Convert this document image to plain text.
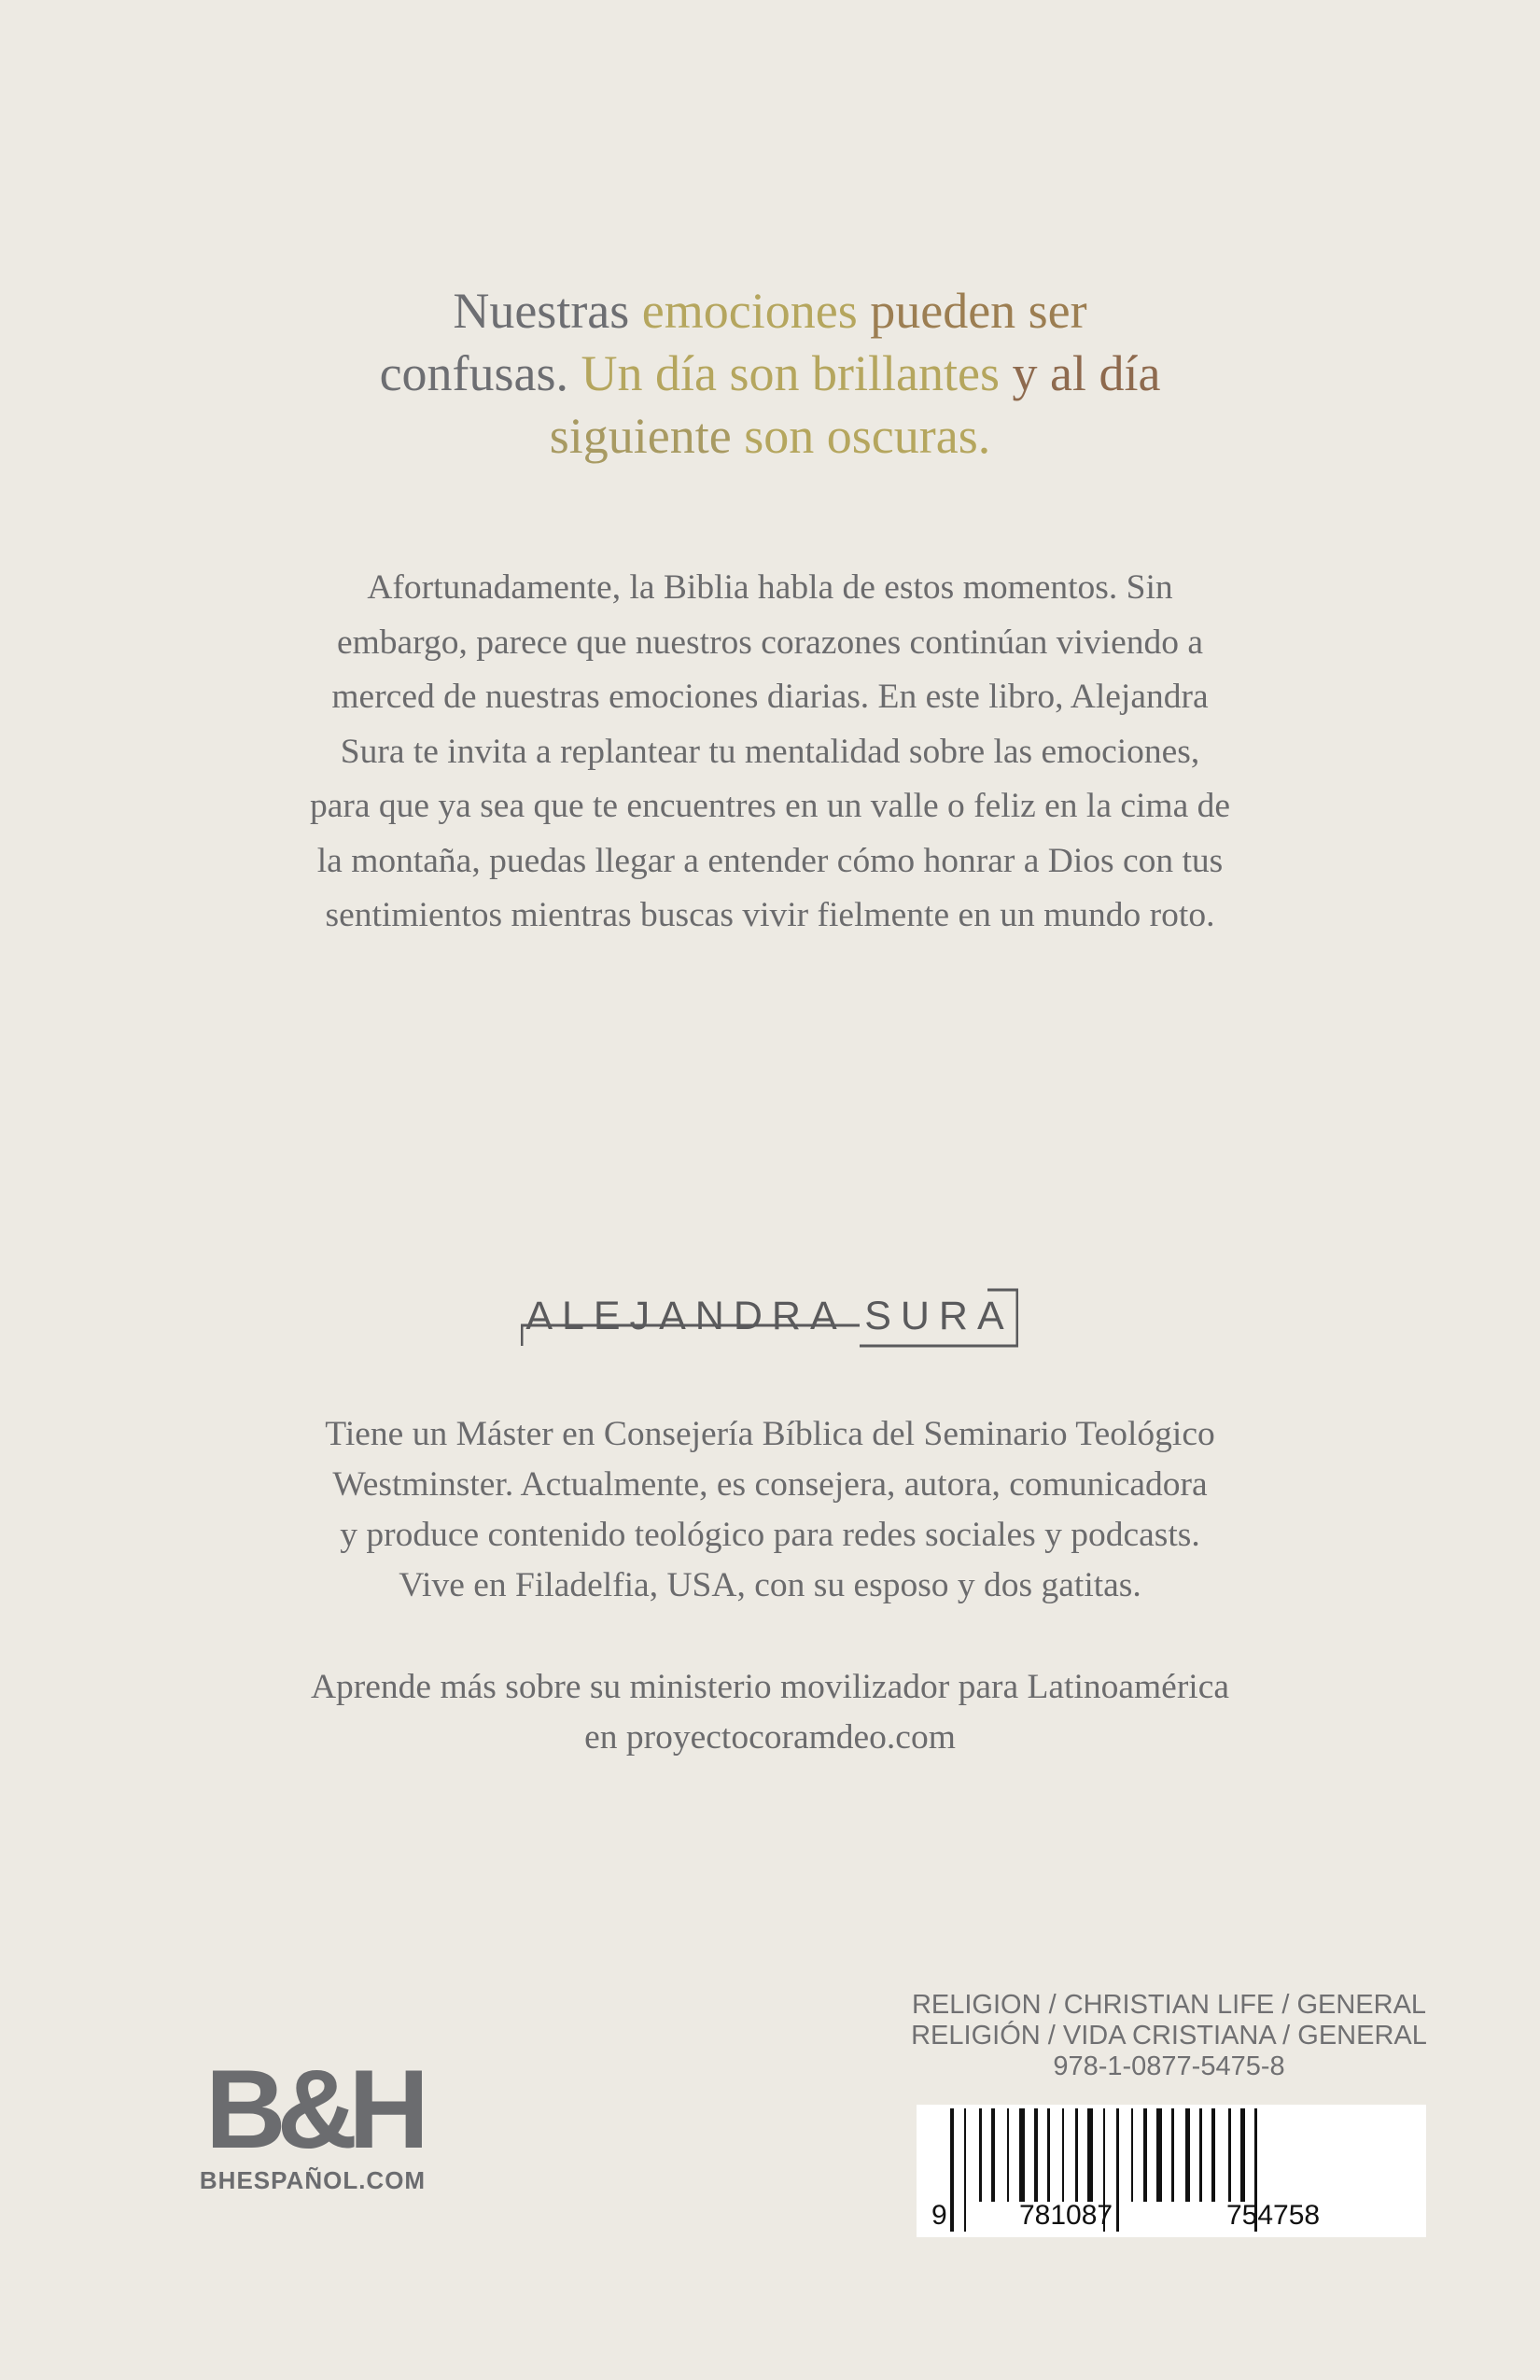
Nuestras emociones pueden ser
confusas. Un día son brillantes y al día
siguiente son oscuras.
Afortunadamente, la Biblia habla de estos momentos. Sin
embargo, parece que nuestros corazones continúan viviendo a
merced de nuestras emociones diarias. En este libro, Alejandra
Sura te invita a replantear tu mentalidad sobre las emociones,
para que ya sea que te encuentres en un valle o feliz en la cima de
la montaña, puedas llegar a entender cómo honrar a Dios con tus
sentimientos mientras buscas vivir fielmente en un mundo roto.
ALEJANDRA SURA
Tiene un Máster en Consejería Bíblica del Seminario Teológico
Westminster. Actualmente, es consejera, autora, comunicadora
y produce contenido teológico para redes sociales y podcasts.
Vive en Filadelfia, USA, con su esposo y dos gatitas.
Aprende más sobre su ministerio movilizador para Latinoamérica
en proyectocoramdeo.com
B&H
BHESPAÑOL.COM
RELIGION / CHRISTIAN LIFE / GENERAL
RELIGIÓN / VIDA CRISTIANA / GENERAL
978-1-0877-5475-8
9	781087	754758
